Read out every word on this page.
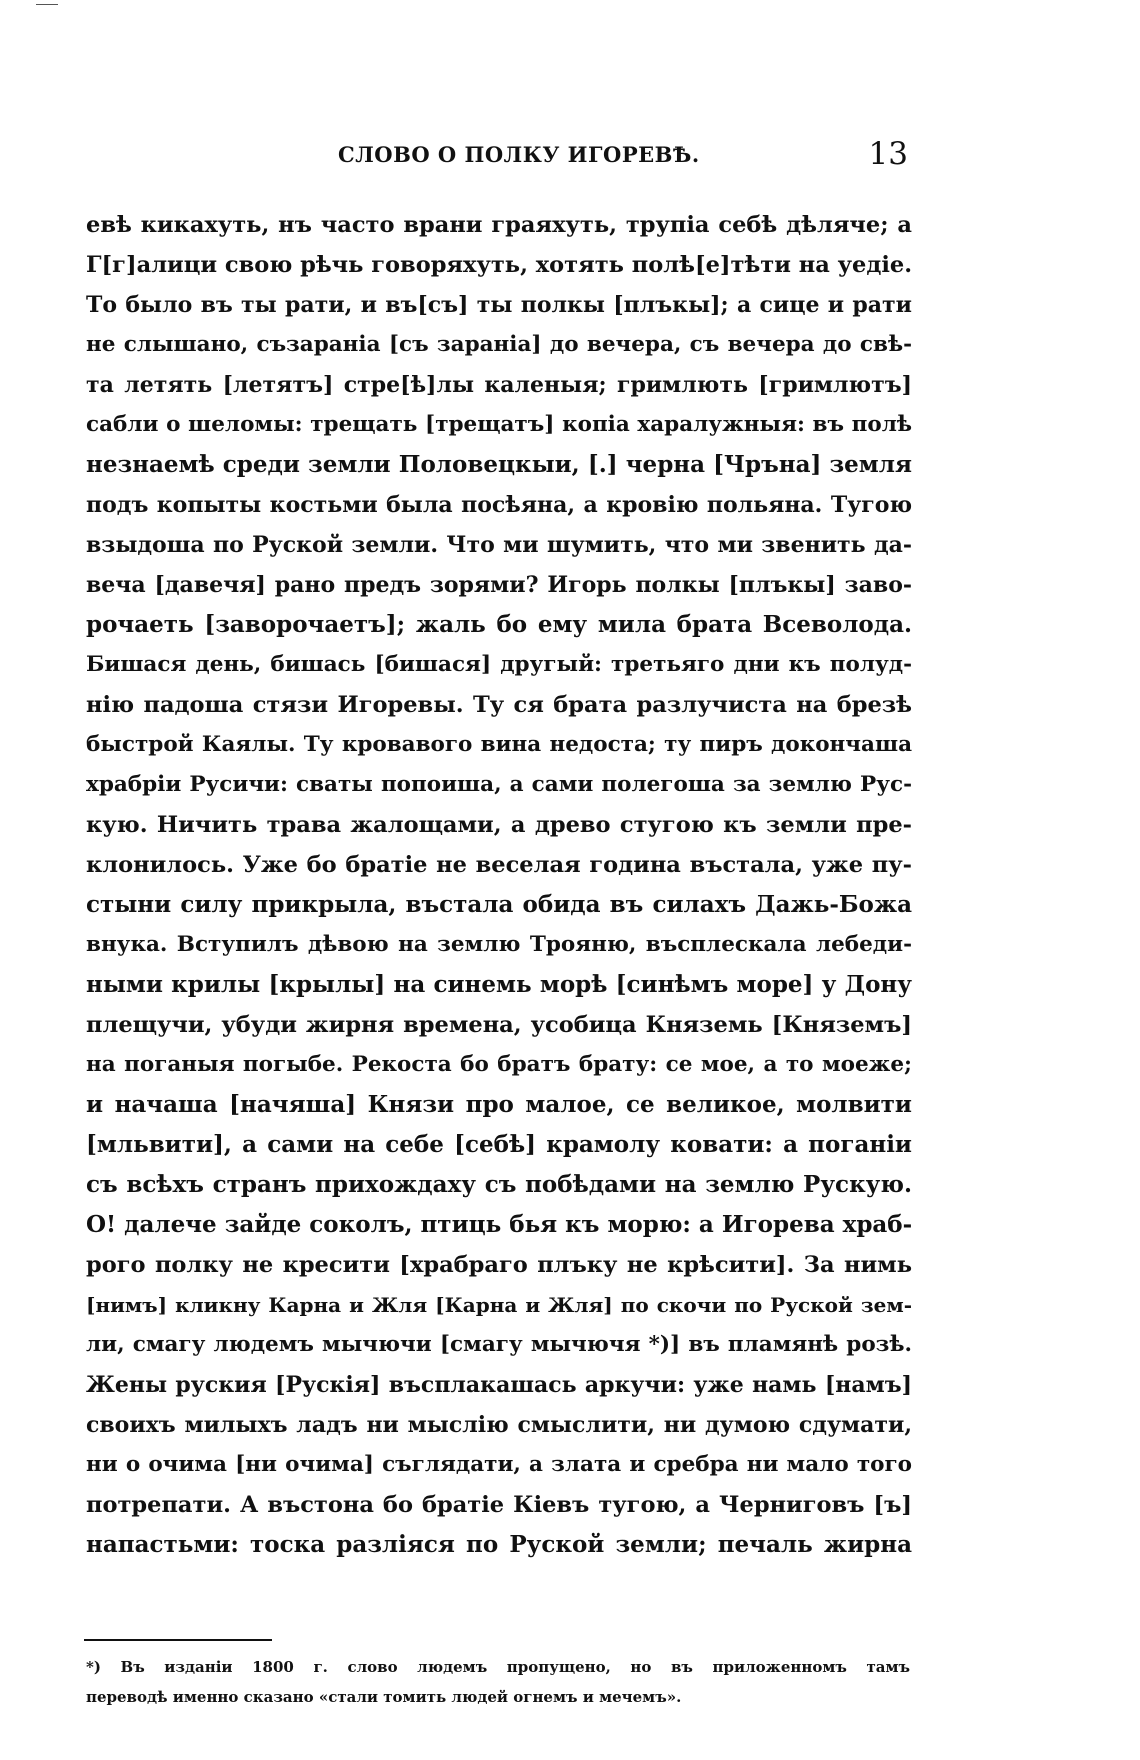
СЛОВО О ПОЛКУ ИГОРЕВѢ.	13
евѣ кикахуть, нъ часто врани граяхуть, трупіа себѣ дѣляче; а
Г[г]алици свою рѣчь говоряхуть, хотять полѣ[е]тѣти на уедіе.
То было въ ты рати, и въ[съ] ты полкы [плъкы]; а сице и рати
не слышано, съзараніа [съ зараніа] до вечера, съ вечера до свѣ-
та летять [летятъ] стре[ѣ]лы каленыя; гримлють [гримлютъ]
сабли о шеломы: трещать [трещатъ] копіа харалужныя: въ полѣ
незнаемѣ среди земли Половецкыи, [.] черна [Чръна] земля
подъ копыты костьми была посѣяна, а кровію польяна. Тугою
взыдоша по Руской земли. Что ми шумить, что ми звенить да-
веча [давечя] рано предъ зорями? Игорь полкы [плъкы] заво-
рочаеть [заворочаетъ]; жаль бо ему мила брата Всеволода.
Бишася день, бишась [бишася] другый: третьяго дни къ полуд-
нію падоша стязи Игоревы. Ту ся брата разлучиста на брезѣ
быстрой Каялы. Ту кровавого вина недоста; ту пиръ докончаша
храбріи Русичи: сваты попоиша, а сами полегоша за землю Рус-
кую. Ничить трава жалощами, а древо стугою къ земли пре-
клонилось. Уже бо братіе не веселая година въстала, уже пу-
стыни силу прикрыла, въстала обида въ силахъ Дажь-Божа
внука. Вступилъ дѣвою на землю Трояню, въсплескала лебеди-
ными крилы [крылы] на синемь морѣ [синѣмъ море] у Дону
плещучи, убуди жирня времена, усобица Княземь [Княземъ]
на поганыя погыбе. Рекоста бо братъ брату: се мое, а то моеже;
и начаша [начяша] Князи про малое, се великое, молвити
[мльвити], а сами на себе [себѣ] крамолу ковати: а поганіи
съ всѣхъ странъ прихождаху съ побѣдами на землю Рускую.
О! далече зайде соколъ, птиць бья къ морю: а Игорева храб-
рого полку не кресити [храбраго плъку не крѣсити]. За нимь
[нимъ] кликну Карна и Жля [Карна и Жля] по скочи по Руской зем-
ли, смагу людемъ мычючи [смагу мычючя *)] въ пламянѣ розѣ.
Жены руския [Рускія] въсплакашась аркучи: уже намь [намъ]
своихъ милыхъ ладъ ни мыслію смыслити, ни думою сдумати,
ни о очима [ни очима] съглядати, а злата и сребра ни мало того
потрепати. А въстона бо братіе Кіевъ тугою, а Черниговъ [ъ]
напастьми: тоска разліяся по Руской земли; печаль жирна
*) Въ изданіи 1800 г. слово людемъ пропущено, но въ приложенномъ тамъ
переводѣ именно сказано «стали томить людей огнемъ и мечемъ».
